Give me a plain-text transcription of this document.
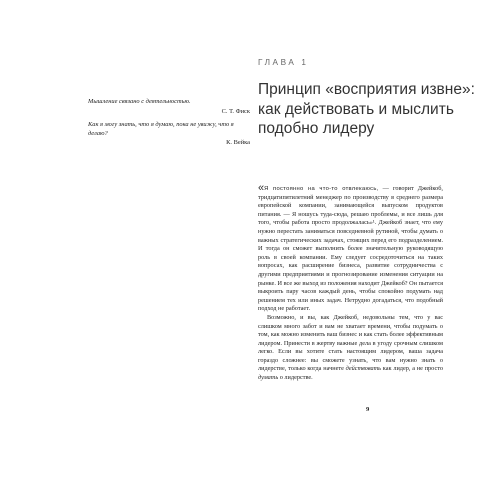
Мышление связано с деятельностью.
С. Т. Фиск
Как я могу знать, что я думаю, пока не увижу, что я делаю?
К. Вейка
ГЛАВА 1
Принцип «восприятия извне»:
как действовать и мыслить
подобно лидеру

«Я постоянно на что-то отвлекаюсь, — говорит Джейкоб, тридцатипятилетний менеджер по производству в среднего размера европейской компании, занимающейся выпуском продуктов питания. — Я ношусь туда-сюда, решаю проблемы, и все лишь для того, чтобы работа просто продолжалась»¹. Джейкоб знает, что ему нужно перестать заниматься повседневной рутиной, чтобы думать о важных стратегических задачах, стоящих перед его подразделением. И тогда он сможет выполнить более значительную руководящую роль в своей компании. Ему следует сосредоточиться на таких вопросах, как расширение бизнеса, развитие сотрудничества с другими предприятиями и прогнозирование изменения ситуации на рынке. И все же выход из положения находит Джейкоб? Он пытается выкроить пару часов каждый день, чтобы спокойно подумать над решением тех или иных задач. Нетрудно догадаться, что подобный подход не работает.

Возможно, и вы, как Джейкоб, недовольны тем, что у вас слишком много забот и вам не хватает времени, чтобы подумать о том, как можно изменить ваш бизнес и как стать более эффективным лидером. Принести в жертву важные дела в угоду срочным слишком легко. Если вы хотите стать настоящим лидером, ваша задача гораздо сложнее: вы сможете узнать, что вам нужно знать о лидерстве, только когда начнете действовать как лидер, а не просто думать о лидерстве.

9
